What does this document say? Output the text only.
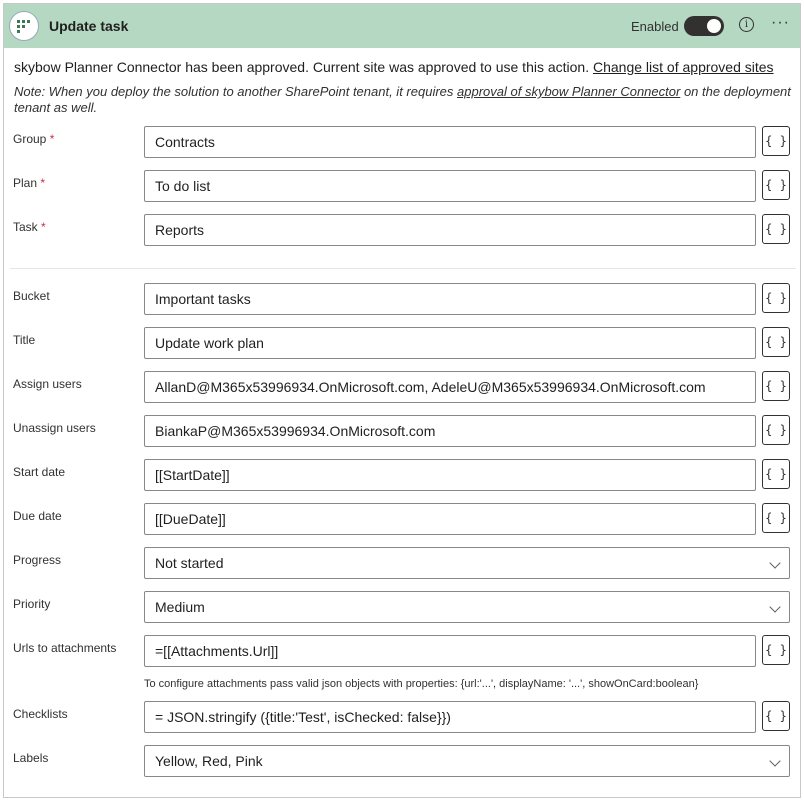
Update task	Enabled	i	···
skybow Planner Connector has been approved. Current site was approved to use this action. Change list of approved sites
Note: When you deploy the solution to another SharePoint tenant, it requires approval of skybow Planner Connector on the deployment tenant as well.
Group *	Contracts	{ }
Plan *	To do list	{ }
Task *	Reports	{ }
Bucket	Important tasks	{ }
Title	Update work plan	{ }
Assign users	AllanD@M365x53996934.OnMicrosoft.com, AdeleU@M365x53996934.OnMicrosoft.com	{ }
Unassign users	BiankaP@M365x53996934.OnMicrosoft.com	{ }
Start date	[[StartDate]]	{ }
Due date	[[DueDate]]	{ }
Progress	Not started
Priority	Medium
Urls to attachments	=[[Attachments.Url]]	{ }
To configure attachments pass valid json objects with properties: {url:'...', displayName: '...', showOnCard:boolean}
Checklists	= JSON.stringify ({title:'Test', isChecked: false}})	{ }
Labels	Yellow, Red, Pink
